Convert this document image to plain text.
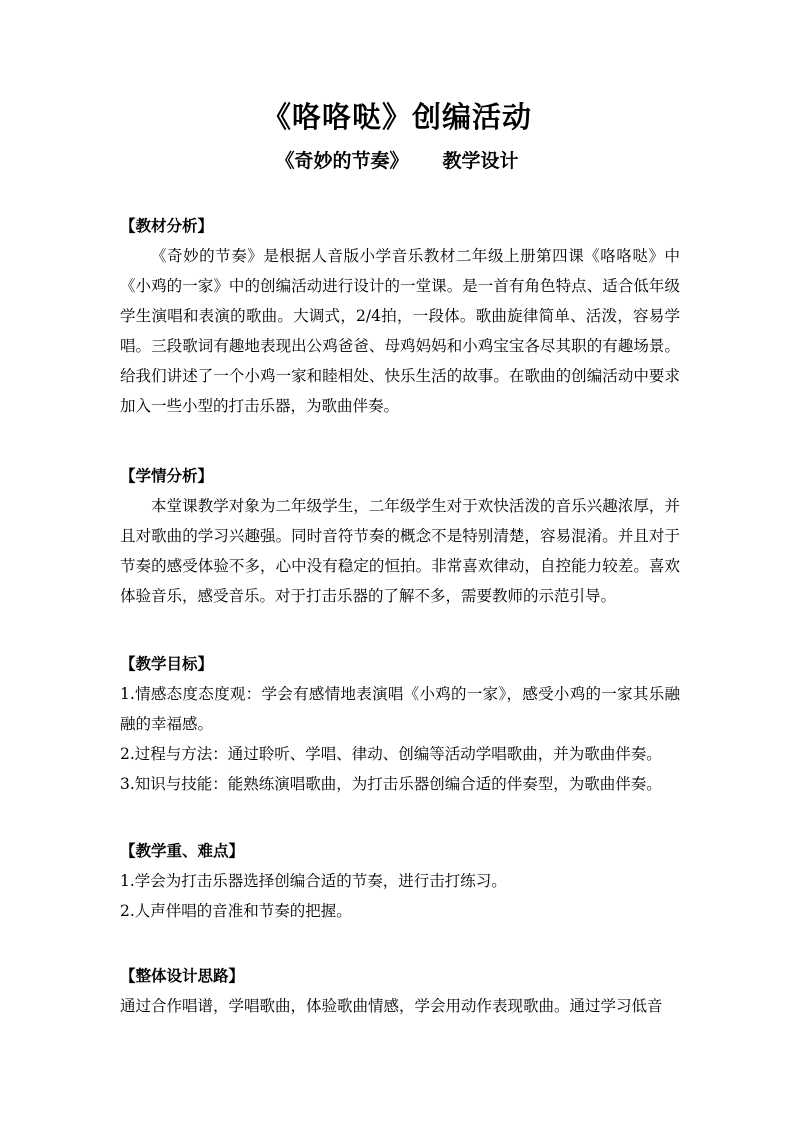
《咯咯哒》创编活动
《奇妙的节奏》 教学设计
【教材分析】
《奇妙的节奏》是根据人音版小学音乐教材二年级上册第四课《咯咯哒》中《小鸡的一家》中的创编活动进行设计的一堂课。是一首有角色特点、适合低年级学生演唱和表演的歌曲。大调式，2/4拍，一段体。歌曲旋律简单、活泼，容易学唱。三段歌词有趣地表现出公鸡爸爸、母鸡妈妈和小鸡宝宝各尽其职的有趣场景。给我们讲述了一个小鸡一家和睦相处、快乐生活的故事。在歌曲的创编活动中要求加入一些小型的打击乐器，为歌曲伴奏。
【学情分析】
本堂课教学对象为二年级学生，二年级学生对于欢快活泼的音乐兴趣浓厚，并且对歌曲的学习兴趣强。同时音符节奏的概念不是特别清楚，容易混淆。并且对于节奏的感受体验不多，心中没有稳定的恒拍。非常喜欢律动，自控能力较差。喜欢体验音乐，感受音乐。对于打击乐器的了解不多，需要教师的示范引导。
【教学目标】
1.情感态度态度观：学会有感情地表演唱《小鸡的一家》，感受小鸡的一家其乐融融的幸福感。
2.过程与方法：通过聆听、学唱、律动、创编等活动学唱歌曲，并为歌曲伴奏。
3.知识与技能：能熟练演唱歌曲，为打击乐器创编合适的伴奏型，为歌曲伴奏。
【教学重、难点】
1.学会为打击乐器选择创编合适的节奏，进行击打练习。
2.人声伴唱的音准和节奏的把握。
【整体设计思路】
通过合作唱谱，学唱歌曲，体验歌曲情感，学会用动作表现歌曲。通过学习低音
